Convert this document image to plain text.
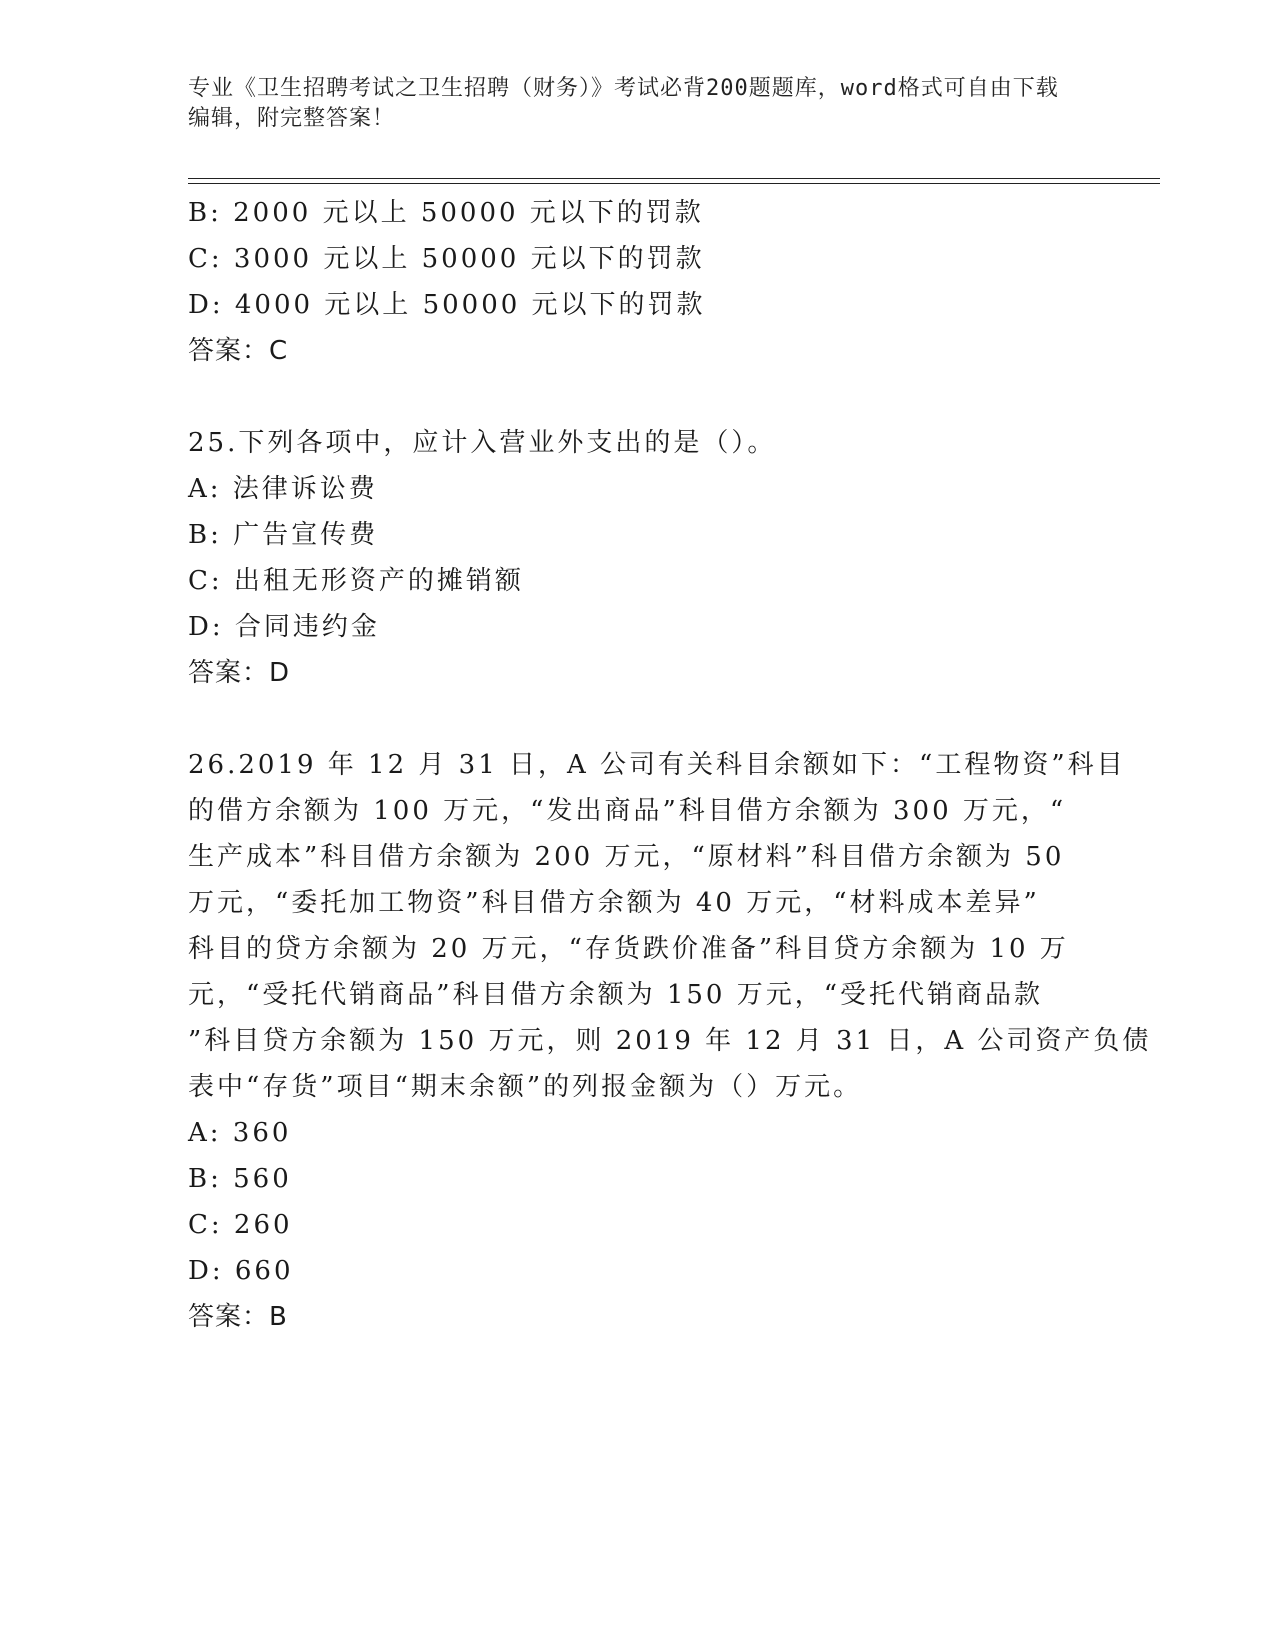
专业《卫生招聘考试之卫生招聘（财务）》考试必背200题题库，word格式可自由下载编辑，附完整答案！

B: 2000 元以上 50000 元以下的罚款

C: 3000 元以上 50000 元以下的罚款

D: 4000 元以上 50000 元以下的罚款

答案：C

25.下列各项中，应计入营业外支出的是（）。

A: 法律诉讼费

B: 广告宣传费

C: 出租无形资产的摊销额

D: 合同违约金

答案：D

26.2019 年 12 月 31 日，A 公司有关科目余额如下：“工程物资”科目

的借方余额为 100 万元，“发出商品”科目借方余额为 300 万元，“

生产成本”科目借方余额为 200 万元，“原材料”科目借方余额为 50

万元，“委托加工物资”科目借方余额为 40 万元，“材料成本差异”

科目的贷方余额为 20 万元，“存货跌价准备”科目贷方余额为 10 万

元，“受托代销商品”科目借方余额为 150 万元，“受托代销商品款

”科目贷方余额为 150 万元，则 2019 年 12 月 31 日，A 公司资产负债

表中“存货”项目“期末余额”的列报金额为（）万元。

A: 360

B: 560

C: 260

D: 660

答案：B
